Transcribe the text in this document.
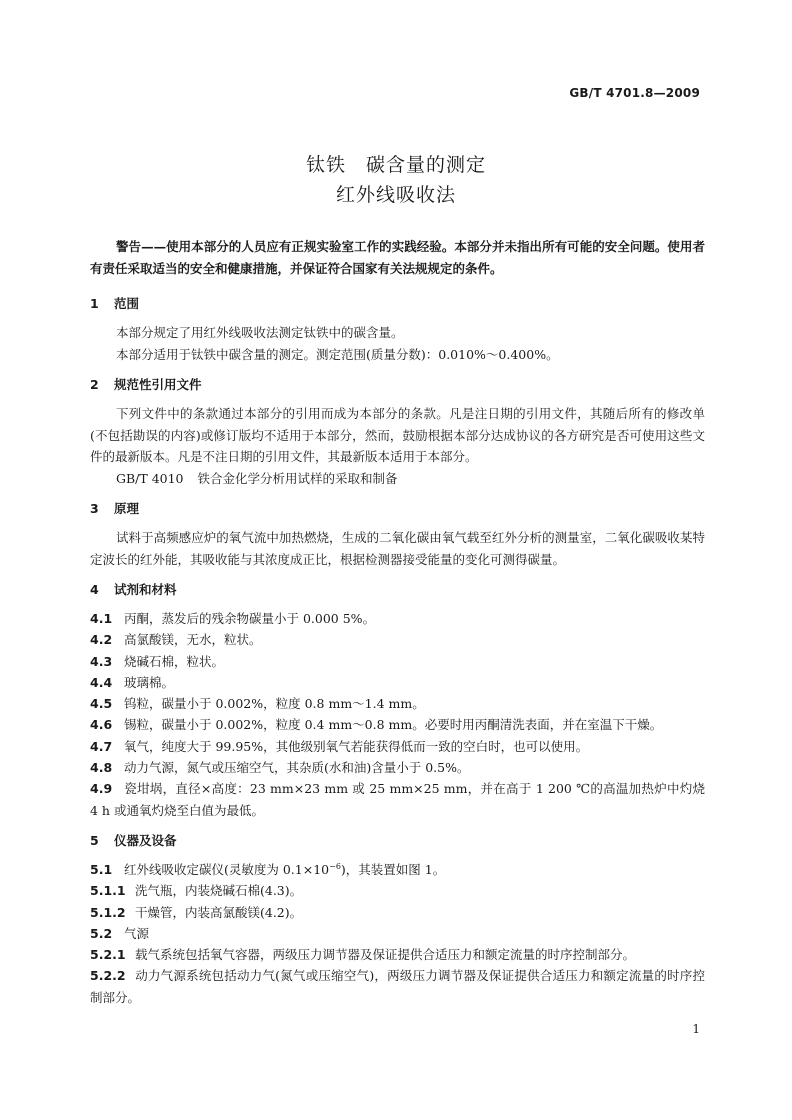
GB/T 4701.8—2009
钛铁　碳含量的测定
红外线吸收法

警告——使用本部分的人员应有正规实验室工作的实践经验。本部分并未指出所有可能的安全问题。使用者有责任采取适当的安全和健康措施，并保证符合国家有关法规规定的条件。

1	范围

本部分规定了用红外线吸收法测定钛铁中的碳含量。

本部分适用于钛铁中碳含量的测定。测定范围(质量分数)：0.010%～0.400%。

2	规范性引用文件

下列文件中的条款通过本部分的引用而成为本部分的条款。凡是注日期的引用文件，其随后所有的修改单(不包括勘误的内容)或修订版均不适用于本部分，然而，鼓励根据本部分达成协议的各方研究是否可使用这些文件的最新版本。凡是不注日期的引用文件，其最新版本适用于本部分。

GB/T 4010 铁合金化学分析用试样的采取和制备

3	原理

试料于高频感应炉的氧气流中加热燃烧，生成的二氧化碳由氧气载至红外分析的测量室，二氧化碳吸收某特定波长的红外能，其吸收能与其浓度成正比，根据检测器接受能量的变化可测得碳量。

4	试剂和材料

4.1 丙酮，蒸发后的残余物碳量小于 0.000 5%。

4.2 高氯酸镁，无水，粒状。

4.3 烧碱石棉，粒状。

4.4 玻璃棉。

4.5 钨粒，碳量小于 0.002%，粒度 0.8 mm～1.4 mm。

4.6 锡粒，碳量小于 0.002%，粒度 0.4 mm～0.8 mm。必要时用丙酮清洗表面，并在室温下干燥。

4.7 氧气，纯度大于 99.95%，其他级别氧气若能获得低而一致的空白时，也可以使用。

4.8 动力气源，氮气或压缩空气，其杂质(水和油)含量小于 0.5%。

4.9 瓷坩埚，直径×高度：23 mm×23 mm 或 25 mm×25 mm，并在高于 1 200 ℃的高温加热炉中灼烧 4 h 或通氧灼烧至白值为最低。

5	仪器及设备

5.1 红外线吸收定碳仪(灵敏度为 $0.1\times 10^{-6}$)，其装置如图 1。

5.1.1 洗气瓶，内装烧碱石棉(4.3)。

5.1.2 干燥管，内装高氯酸镁(4.2)。

5.2 气源

5.2.1 载气系统包括氧气容器，两级压力调节器及保证提供合适压力和额定流量的时序控制部分。

5.2.2 动力气源系统包括动力气(氮气或压缩空气)，两级压力调节器及保证提供合适压力和额定流量的时序控制部分。

1
